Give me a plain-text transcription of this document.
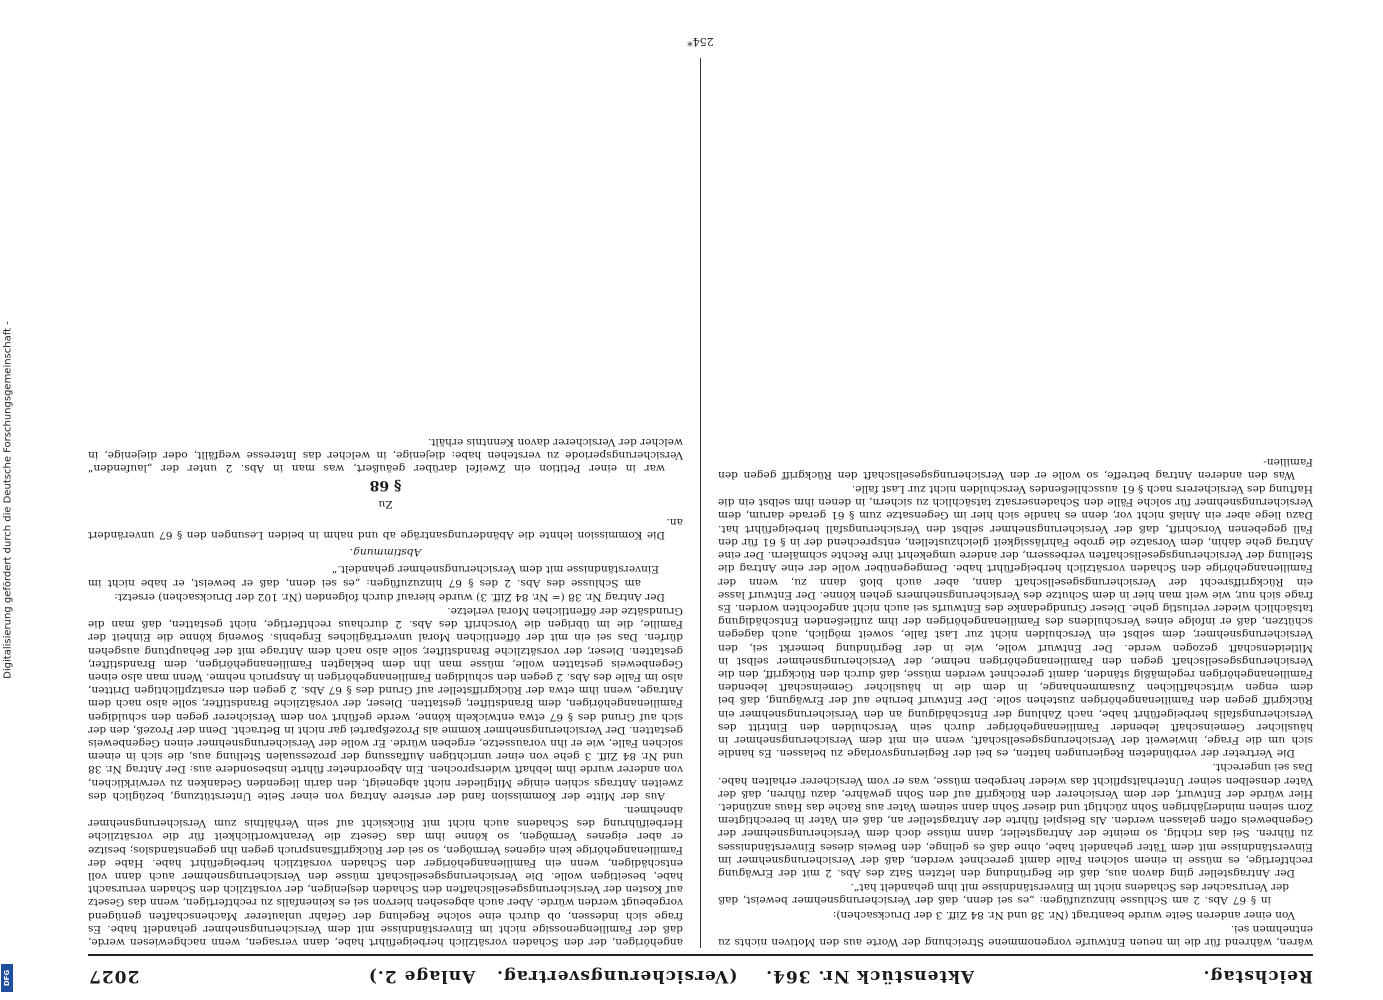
Reichstag.
Aktenstück Nr. 364.    (Versicherungsvertrag.   Anlage 2.)
2027

wären, während für die im neuen Entwurfe vorgenommene Streichung der Worte aus den Motiven nichts zu entnehmen sei.

Von einer anderen Seite wurde beantragt (Nr. 38 und Nr. 84 Ziff. 3 der Drucksachen):

in § 67 Abs. 2 am Schlusse hinzuzufügen: „es sei denn, daß der Versicherungsnehmer beweist, daß der Verursacher des Schadens nicht im Einverständnisse mit ihm gehandelt hat“.

Der Antragsteller ging davon aus, daß die Begründung den letzten Satz des Abs. 2 mit der Erwägung rechtfertige, es müsse in einem solchen Falle damit gerechnet werden, daß der Versicherungsnehmer im Einverständnisse mit dem Täter gehandelt habe, ohne daß es gelinge, den Beweis dieses Einverständnisses zu führen. Sei das richtig, so meinte der Antragsteller, dann müsse doch dem Versicherungsnehmer der Gegenbeweis offen gelassen werden. Als Beispiel führte der Antragsteller an, daß ein Vater in berechtigtem Zorn seinen minderjährigen Sohn züchtigt und dieser Sohn dann seinem Vater aus Rache das Haus anzündet. Hier würde der Entwurf, der dem Versicherer den Rückgriff auf den Sohn gewähre, dazu führen, daß der Vater denselben seiner Unterhaltspflicht das wieder hergeben müsse, was er vom Versicherer erhalten habe. Das sei ungerecht.

Die Vertreter der verbündeten Regierungen hatten, es bei der Regierungsvorlage zu belassen. Es handle sich um die Frage, inwieweit der Versicherungsgesellschaft, wenn ein mit dem Versicherungsnehmer in häuslicher Gemeinschaft lebender Familienangehöriger durch sein Verschulden den Eintritt des Versicherungsfalls herbeigeführt habe, nach Zahlung der Entschädigung an den Versicherungsnehmer ein Rückgriff gegen den Familienangehörigen zustehen solle. Der Entwurf beruhe auf der Erwägung, daß bei dem engen wirtschaftlichen Zusammenhange, in dem die in häuslicher Gemeinschaft lebenden Familienangehörigen regelmäßig ständen, damit gerechnet werden müsse, daß durch den Rückgriff, den die Versicherungsgesellschaft gegen den Familienangehörigen nehme, der Versicherungsnehmer selbst in Mitleidenschaft gezogen werde. Der Entwurf wolle, wie in der Begründung bemerkt sei, den Versicherungsnehmer, dem selbst ein Verschulden nicht zur Last falle, soweit möglich, auch dagegen schützen, daß er infolge eines Verschuldens des Familienangehörigen der ihm zufließenden Entschädigung tatsächlich wieder verlustig gehe. Dieser Grundgedanke des Entwurfs sei auch nicht angefochten worden. Es frage sich nur, wie weit man hier in dem Schutze des Versicherungsnehmers gehen könne. Der Entwurf lasse ein Rückgriffsrecht der Versicherungsgesellschaft dann, aber auch bloß dann zu, wenn der Familienangehörige den Schaden vorsätzlich herbeigeführt habe. Demgegenüber wolle der eine Antrag die Stellung der Versicherungsgesellschaften verbessern, der andere umgekehrt ihre Rechte schmälern. Der eine Antrag gehe dahin, dem Vorsatze die grobe Fahrlässigkeit gleichzustellen, entsprechend der in § 61 für den Fall gegebenen Vorschrift, daß der Versicherungsnehmer selbst den Versicherungsfall herbeigeführt hat. Dazu liege aber ein Anlaß nicht vor, denn es handle sich hier im Gegensatze zum § 61 gerade darum, dem Versicherungsnehmer für solche Fälle den Schadensersatz tatsächlich zu sichern, in denen ihm selbst ein die Haftung des Versicherers nach § 61 ausschließendes Verschulden nicht zur Last falle.

Was den anderen Antrag betreffe, so wolle er den Versicherungsgesellschaft den Rückgriff gegen den Familien-

angehörigen, der den Schaden vorsätzlich herbeigeführt habe, dann versagen, wenn nachgewiesen werde, daß der Familiengenossige nicht im Einverständnisse mit dem Versicherungsnehmer gehandelt habe. Es frage sich indessen, ob durch eine solche Regelung der Gefahr unlauterer Machenschaften genügend vorgebeugt werden würde. Aber auch abgesehen hiervon sei es keinenfalls zu rechtfertigen, wenn das Gesetz auf Kosten der Versicherungsgesellschaften den Schaden desjenigen, der vorsätzlich den Schaden verursacht habe, beseitigen wolle. Die Versicherungsgesellschaft müsse den Versicherungsnehmer auch dann voll entschädigen, wenn ein Familienangehöriger den Schaden vorsätzlich herbeigeführt habe. Habe der Familienangehörige kein eigenes Vermögen, so sei der Rückgriffsanspruch gegen ihn gegenstandslos; besitze er aber eigenes Vermögen, so könne ihm das Gesetz die Verantwortlichkeit für die vorsätzliche Herbeiführung des Schadens auch nicht mit Rücksicht auf sein Verhältnis zum Versicherungsnehmer abnehmen.

Aus der Mitte der Kommission fand der erstere Antrag von einer Seite Unterstützung, bezüglich des zweiten Antrags schien einige Mitglieder nicht abgeneigt, den darin liegenden Gedanken zu verwirklichen, von anderer wurde ihm lebhaft widersprochen. Ein Abgeordneter führte insbesondere aus: Der Antrag Nr. 38 und Nr. 84 Ziff. 3 gehe von einer unrichtigen Auffassung der prozessualen Stellung aus, die sich in einem solchen Falle, wie er ihn voraussetze, ergeben würde. Er wolle der Versicherungsnehmer einen Gegenbeweis gestatten. Der Versicherungsnehmer komme als Prozeßpartei gar nicht in Betracht. Denn der Prozeß, den der sich auf Grund des § 67 etwa entwickeln könne, werde geführt von dem Versicherer gegen den schuldigen Familienangehörigen, dem Brandstifter, gestatten. Dieser, der vorsätzliche Brandstifter, solle also nach dem Antrage, wenn ihm etwa der Rückgriffsteller auf Grund des § 67 Abs. 2 gegen den ersatzpflichtigen Dritten, also im Falle des Abs. 2 gegen den schuldigen Familienangehörigen in Anspruch nehme. Wenn man also einen Gegenbeweis gestatten wolle, müsse man ihn dem beklagten Familienangehörigen, dem Brandstifter, gestatten. Dieser, der vorsätzliche Brandstifter, solle also nach dem Antrage mit der Behauptung ausgehen dürfen. Das sei ein mit der öffentlichen Moral unverträgliches Ergebnis. Sowenig könne die Einheit der Familie, die im übrigen die Vorschrift des Abs. 2 durchaus rechtfertige, nicht gestatten, daß man die Grundsätze der öffentlichen Moral verletze.

Der Antrag Nr. 38 (= Nr. 84 Ziff. 3) wurde hierauf durch folgenden (Nr. 102 der Drucksachen) ersetzt:

am Schlusse des Abs. 2 des § 67 hinzuzufügen: „es sei denn, daß er beweist, er habe nicht im Einverständnisse mit dem Versicherungsnehmer gehandelt.“

Abstimmung.

Die Kommission lehnte die Abänderungsanträge ab und nahm in beiden Lesungen den § 67 unverändert an.

Zu

§ 68

war in einer Petition ein Zweifel darüber geäußert, was man in Abs. 2 unter der „laufenden“ Versicherungsperiode zu verstehen habe: diejenige, in welcher das Interesse wegfällt, oder diejenige, in welcher der Versicherer davon Kenntnis erhält.

254*
Digitalisierung gefördert durch die Deutsche Forschungsgemeinschaft -
DFG
